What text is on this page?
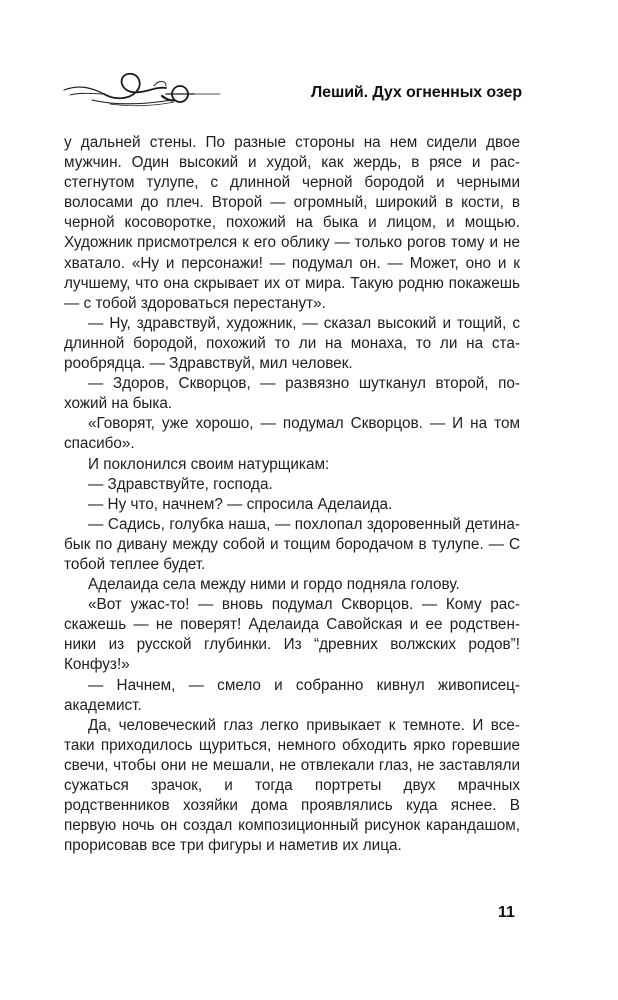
Леший. Дух огненных озер

у дальней стены. По разные стороны на нем сидели двое мужчин. Один высокий и худой, как жердь, в рясе и расстегнутом тулупе, с длинной черной бородой и черными волосами до плеч. Второй — огромный, широкий в кости, в черной косоворотке, похожий на быка и лицом, и мощью. Художник присмотрелся к его облику — только рогов тому и не хватало. «Ну и персонажи! — подумал он. — Может, оно и к лучшему, что она скрывает их от мира. Такую родню покажешь — с тобой здороваться перестанут».

— Ну, здравствуй, художник, — сказал высокий и тощий, с длинной бородой, похожий то ли на монаха, то ли на старообрядца. — Здравствуй, мил человек.

— Здоров, Скворцов, — развязно шутканул второй, похожий на быка.

«Говорят, уже хорошо, — подумал Скворцов. — И на том спасибо».

И поклонился своим натурщикам:

— Здравствуйте, господа.

— Ну что, начнем? — спросила Аделаида.

— Садись, голубка наша, — похлопал здоровенный детина-бык по дивану между собой и тощим бородачом в тулупе. — С тобой теплее будет.

Аделаида села между ними и гордо подняла голову.

«Вот ужас-то! — вновь подумал Скворцов. — Кому расскажешь — не поверят! Аделаида Савойская и ее родственники из русской глубинки. Из “древних волжских родов”! Конфуз!»

— Начнем, — смело и собранно кивнул живописец-академист.

Да, человеческий глаз легко привыкает к темноте. И все-таки приходилось щуриться, немного обходить ярко горевшие свечи, чтобы они не мешали, не отвлекали глаз, не заставляли сужаться зрачок, и тогда портреты двух мрачных родственников хозяйки дома проявлялись куда яснее. В первую ночь он создал композиционный рисунок карандашом, прорисовав все три фигуры и наметив их лица.

11
